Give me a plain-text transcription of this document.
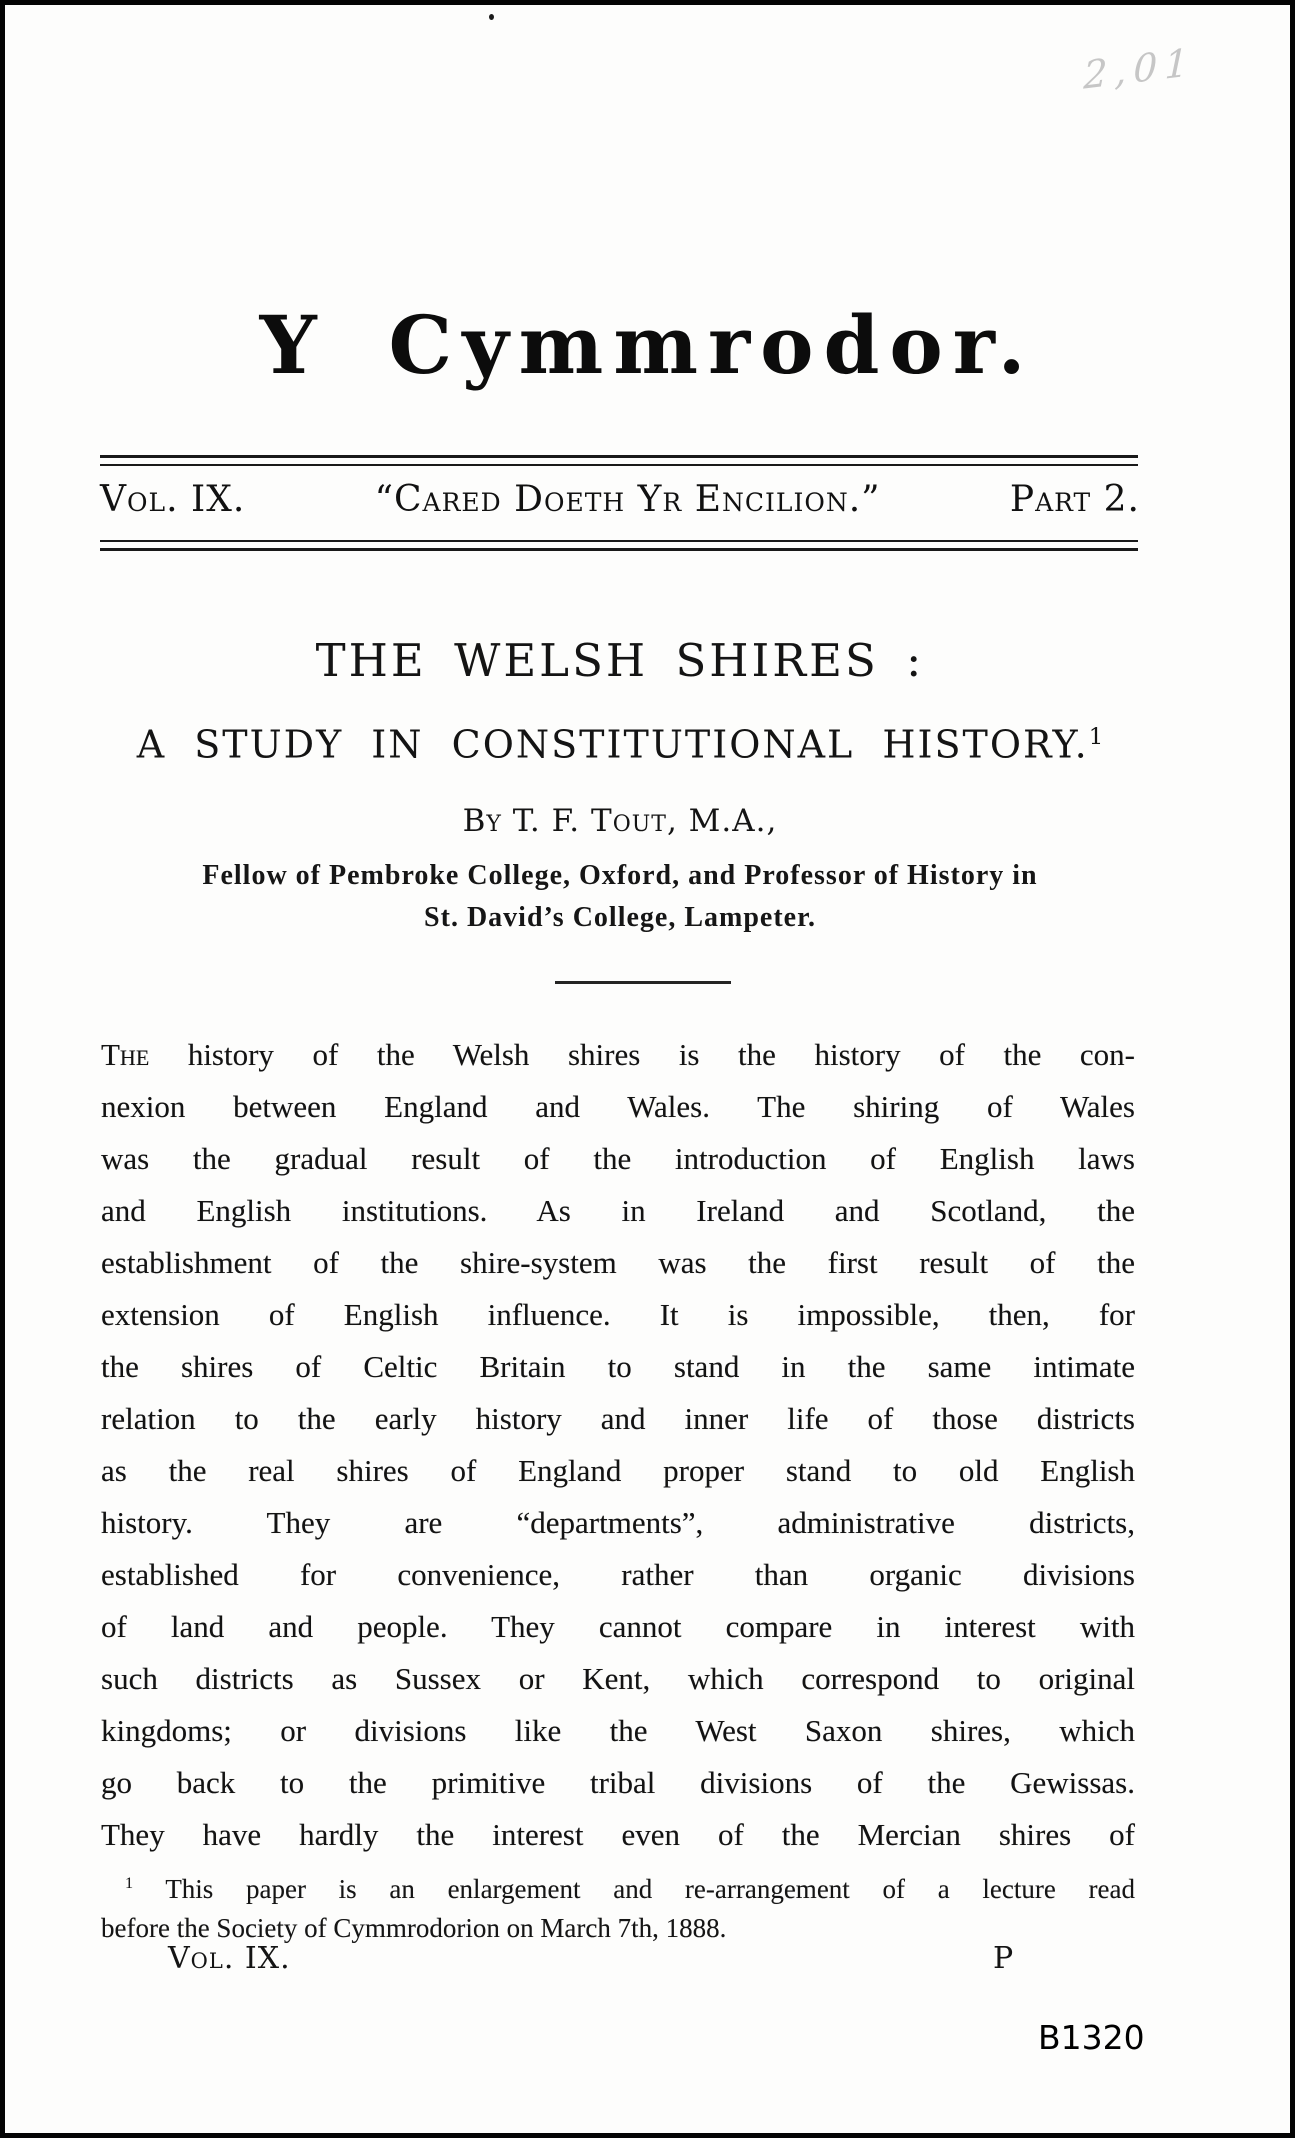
2,01
Y Cymmrodor.
Vol. IX.	“Cared Doeth Yr Encilion.”	Part 2.
THE WELSH SHIRES :
A STUDY IN CONSTITUTIONAL HISTORY.$^1$
By T. F. Tout, M.A.,
Fellow of Pembroke College, Oxford, and Professor of History in
St. David’s College, Lampeter.
The history of the Welsh shires is the history of the con-
nexion between England and Wales. The shiring of Wales
was the gradual result of the introduction of English laws
and English institutions. As in Ireland and Scotland, the
establishment of the shire-system was the first result of the
extension of English influence. It is impossible, then, for
the shires of Celtic Britain to stand in the same intimate
relation to the early history and inner life of those districts
as the real shires of England proper stand to old English
history. They are “departments”, administrative districts,
established for convenience, rather than organic divisions
of land and people. They cannot compare in interest with
such districts as Sussex or Kent, which correspond to original
kingdoms; or divisions like the West Saxon shires, which
go back to the primitive tribal divisions of the Gewissas.
They have hardly the interest even of the Mercian shires of
$^1$ This paper is an enlargement and re-arrangement of a lecture read
before the Society of Cymmrodorion on March 7th, 1888.
Vol. IX.	P
B1320
